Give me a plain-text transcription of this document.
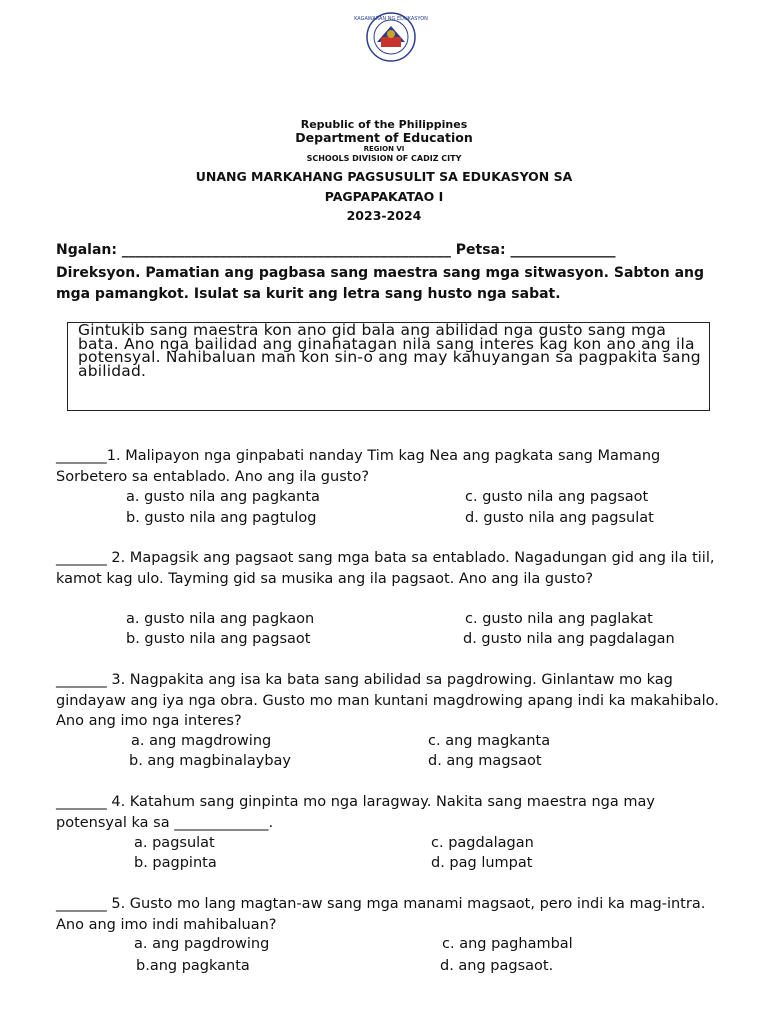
KAGAWARAN NG EDUKASYON
Republic of the Philippines
Department of Education
REGION VI
SCHOOLS DIVISION OF CADIZ CITY
UNANG MARKAHANG PAGSUSULIT SA EDUKASYON SA
PAGPAPAKATAO I
2023-2024
Ngalan: _______________________________________________ Petsa: _______________
Direksyon. Pamatian ang pagbasa sang maestra sang mga sitwasyon. Sabton ang mga pamangkot. Isulat sa kurit ang letra sang husto nga sabat.
Gintukib sang maestra kon ano gid bala ang abilidad nga gusto sang mga bata. Ano nga bailidad ang ginahatagan nila sang interes kag kon ano ang ila potensyal. Nahibaluan man kon sin-o ang may kahuyangan sa pagpakita sang abilidad.
_______1. Malipayon nga ginpabati nanday Tim kag Nea ang pagkata sang Mamang Sorbetero sa entablado. Ano ang ila gusto?
a. gusto nila ang pagkanta
b. gusto nila ang pagtulog
c. gusto nila ang pagsaot
d. gusto nila ang pagsulat
_______ 2. Mapagsik ang pagsaot sang mga bata sa entablado. Nagadungan gid ang ila tiil, kamot kag ulo. Tayming gid sa musika ang ila pagsaot. Ano ang ila gusto?
a. gusto nila ang pagkaon
b. gusto nila ang pagsaot
c. gusto nila ang paglakat
d. gusto nila ang pagdalagan
_______ 3. Nagpakita ang isa ka bata sang abilidad sa pagdrowing. Ginlantaw mo kag gindayaw ang iya nga obra. Gusto mo man kuntani magdrowing apang indi ka makahibalo. Ano ang imo nga interes?
a. ang magdrowing
b. ang magbinalaybay
c. ang magkanta
d. ang magsaot
_______ 4. Katahum sang ginpinta mo nga laragway. Nakita sang maestra nga may potensyal ka sa _____________.
a. pagsulat
b. pagpinta
c. pagdalagan
d. pag lumpat
_______ 5. Gusto mo lang magtan-aw sang mga manami magsaot, pero indi ka mag-intra. Ano ang imo indi mahibaluan?
a. ang pagdrowing
b.ang pagkanta
c. ang paghambal
d. ang pagsaot.
